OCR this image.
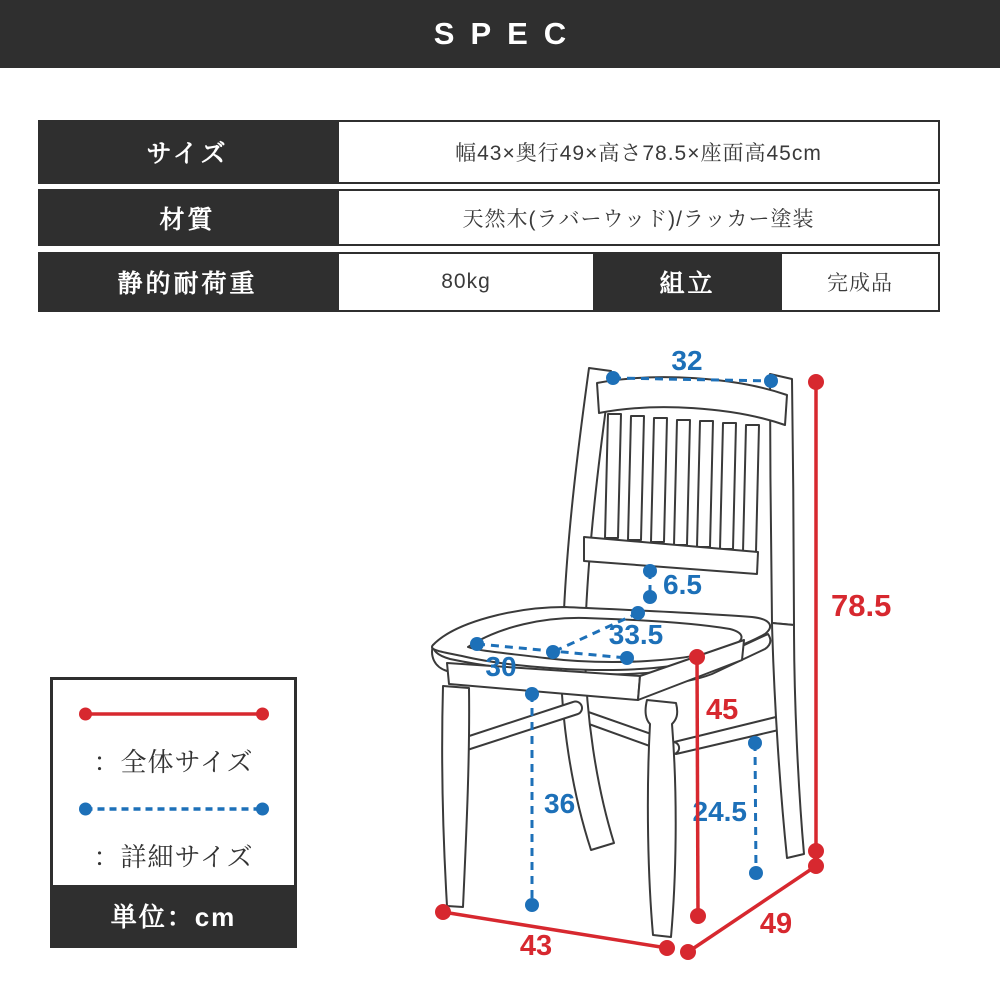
SPEC
サイズ	幅43×奥行49×高さ78.5×座面高45cm
材質	天然木(ラバーウッド)/ラッカー塗装
静的耐荷重	80kg	組立	完成品
：全体サイズ
：詳細サイズ
単位：cm
32
6.5
33.5
30
36	24.5
78.5
45
43
49
